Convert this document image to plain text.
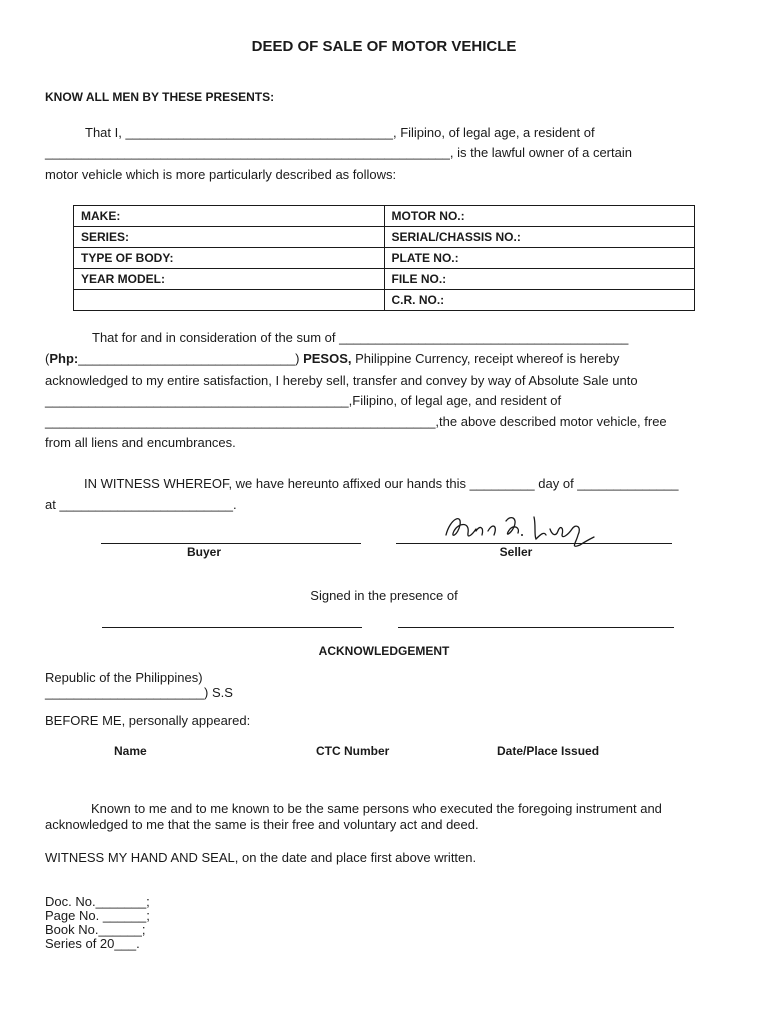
DEED OF SALE OF MOTOR VEHICLE
KNOW ALL MEN BY THESE PRESENTS:
That I, _____________________________________, Filipino, of legal age, a resident of
________________________________________________________, is the lawful owner of a certain
motor vehicle which is more particularly described as follows:
MAKE:	MOTOR NO.:
SERIES:	SERIAL/CHASSIS NO.:
TYPE OF BODY:	PLATE NO.:
YEAR MODEL:	FILE NO.:
	C.R. NO.:
That for and in consideration of the sum of ________________________________________
(Php:______________________________) PESOS, Philippine Currency, receipt whereof is hereby
acknowledged to my entire satisfaction, I hereby sell, transfer and convey by way of Absolute Sale unto
__________________________________________,Filipino, of legal age, and resident of
______________________________________________________,the above described motor vehicle, free
from all liens and encumbrances.
IN WITNESS WHEREOF, we have hereunto affixed our hands this _________ day of ______________
at ________________________.
Buyer	Seller
Signed in the presence of
ACKNOWLEDGEMENT
Republic of the Philippines)
______________________) S.S
BEFORE ME, personally appeared:
Name	CTC Number	Date/Place Issued
Known to me and to me known to be the same persons who executed the foregoing instrument and
acknowledged to me that the same is their free and voluntary act and deed.
WITNESS MY HAND AND SEAL, on the date and place first above written.
Doc. No._______;
Page No. ______;
Book No.______;
Series of 20___.
